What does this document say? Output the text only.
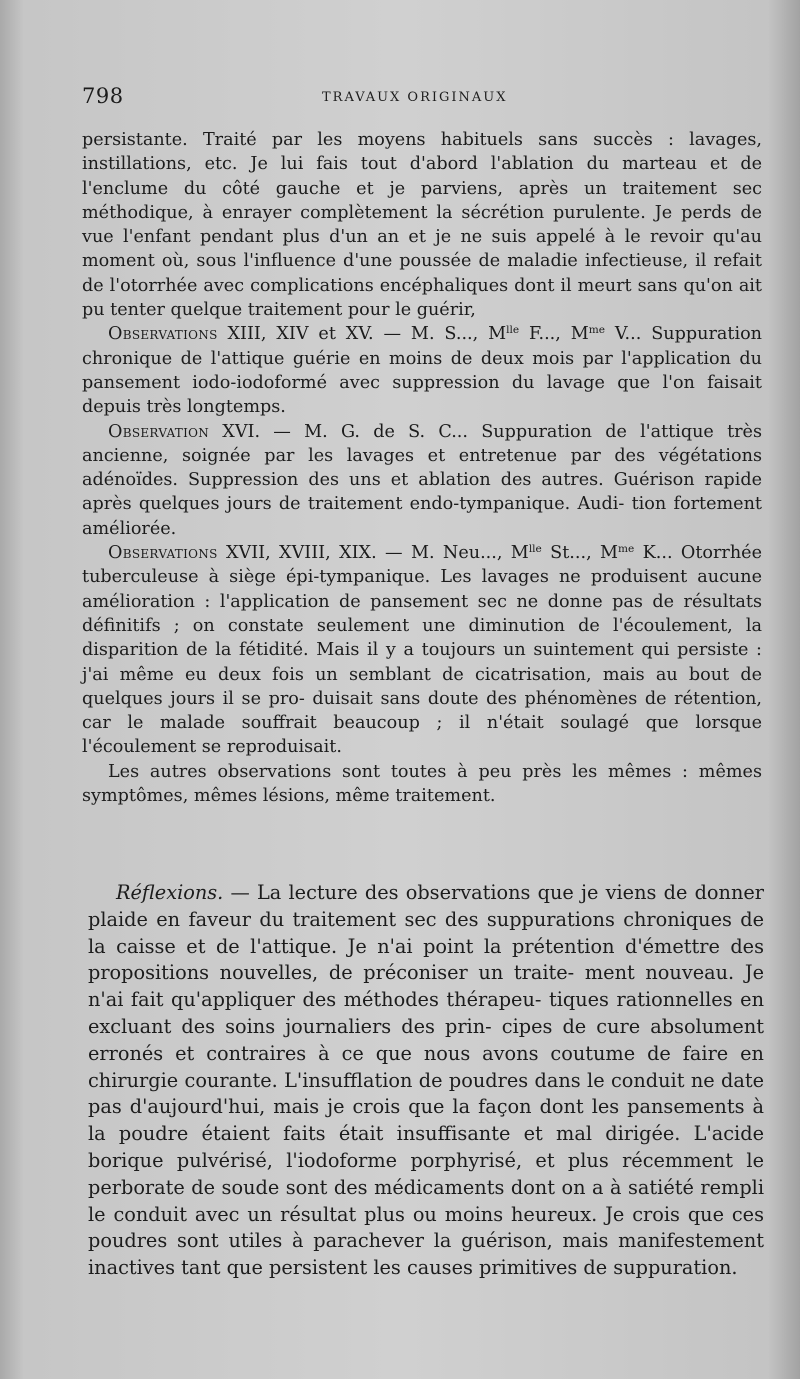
798	TRAVAUX ORIGINAUX

persistante. Traité par les moyens habituels sans succès : lavages, instillations, etc. Je lui fais tout d'abord l'ablation du marteau et de l'enclume du côté gauche et je parviens, après un traitement sec méthodique, à enrayer complètement la sécrétion purulente. Je perds de vue l'enfant pendant plus d'un an et je ne suis appelé à le revoir qu'au moment où, sous l'influence d'une poussée de maladie infectieuse, il refait de l'otorrhée avec complications encéphaliques dont il meurt sans qu'on ait pu tenter quelque traitement pour le guérir,

Observations XIII, XIV et XV. — M. S..., $M^{lle}$ F..., $M^{me}$ V... Suppuration chronique de l'attique guérie en moins de deux mois par l'application du pansement iodo-iodoformé avec suppression du lavage que l'on faisait depuis très longtemps.

Observation XVI. — M. G. de S. C... Suppuration de l'attique très ancienne, soignée par les lavages et entretenue par des végétations adénoïdes. Suppression des uns et ablation des autres. Guérison rapide après quelques jours de traitement endo-tympanique. Audi- tion fortement améliorée.

Observations XVII, XVIII, XIX. — M. Neu..., $M^{lle}$ St..., $M^{me}$ K... Otorrhée tuberculeuse à siège épi-tympanique. Les lavages ne produisent aucune amélioration : l'application de pansement sec ne donne pas de résultats définitifs ; on constate seulement une diminution de l'écoulement, la disparition de la fétidité. Mais il y a toujours un suintement qui persiste : j'ai même eu deux fois un semblant de cicatrisation, mais au bout de quelques jours il se pro- duisait sans doute des phénomènes de rétention, car le malade souffrait beaucoup ; il n'était soulagé que lorsque l'écoulement se reproduisait.

Les autres observations sont toutes à peu près les mêmes : mêmes symptômes, mêmes lésions, même traitement.

Réflexions. — La lecture des observations que je viens de donner plaide en faveur du traitement sec des suppurations chroniques de la caisse et de l'attique. Je n'ai point la prétention d'émettre des propositions nouvelles, de préconiser un traite- ment nouveau. Je n'ai fait qu'appliquer des méthodes thérapeu- tiques rationnelles en excluant des soins journaliers des prin- cipes de cure absolument erronés et contraires à ce que nous avons coutume de faire en chirurgie courante. L'insufflation de poudres dans le conduit ne date pas d'aujourd'hui, mais je crois que la façon dont les pansements à la poudre étaient faits était insuffisante et mal dirigée. L'acide borique pulvérisé, l'iodoforme porphyrisé, et plus récemment le perborate de soude sont des médicaments dont on a à satiété rempli le conduit avec un résultat plus ou moins heureux. Je crois que ces poudres sont utiles à parachever la guérison, mais manifestement inactives tant que persistent les causes primitives de suppuration.
